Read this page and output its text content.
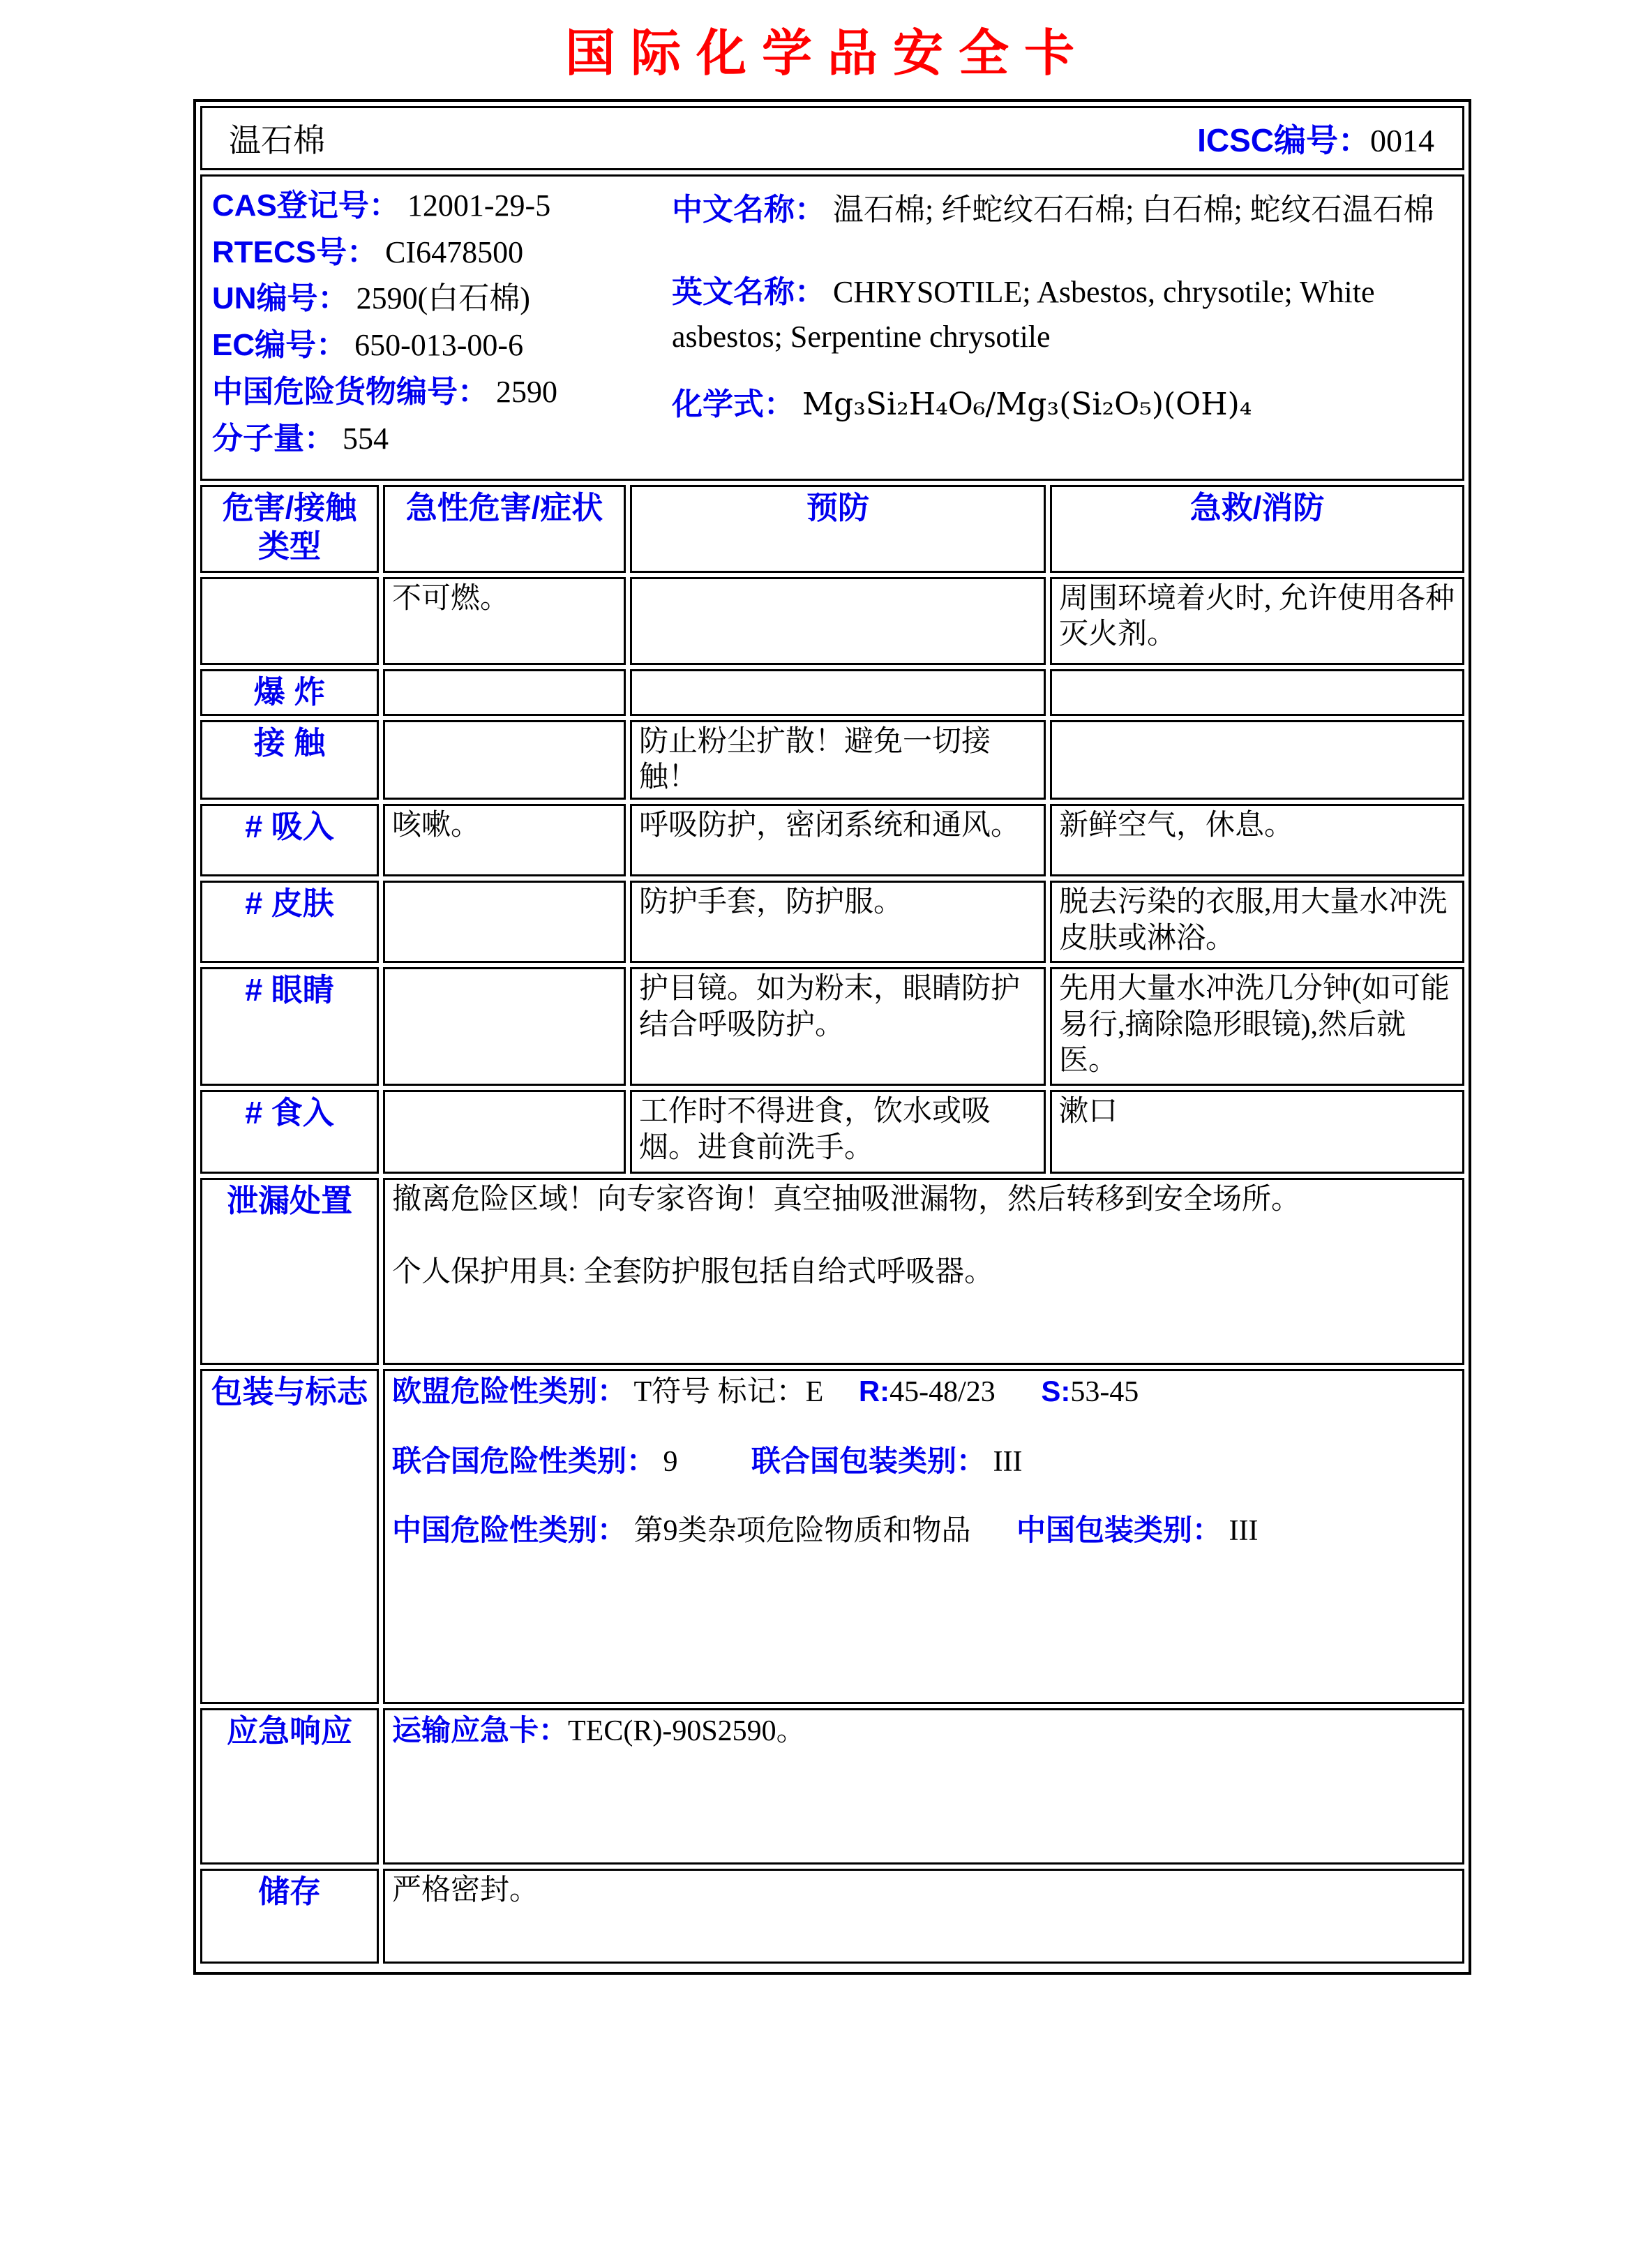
国际化学品安全卡
温石棉	ICSC编号：0014
CAS登记号： 12001-29-5
RTECS号： CI6478500
UN编号： 2590(白石棉)
EC编号： 650-013-00-6
中国危险货物编号： 2590
分子量： 554

中文名称： 温石棉; 纤蛇纹石石棉; 白石棉; 蛇纹石温石棉

英文名称： CHRYSOTILE; Asbestos, chrysotile; White asbestos; Serpentine chrysotile

化学式： Mg₃Si₂H₄O₆/Mg₃(Si₂O₅)(OH)₄

危害/接触类型	急性危害/症状	预防	急救/消防
	不可燃。		周围环境着火时, 允许使用各种灭火剂。
爆 炸			
接 触		防止粉尘扩散！避免一切接触！	
# 吸入	咳嗽。	呼吸防护，密闭系统和通风。	新鲜空气，休息。
# 皮肤		防护手套，防护服。	脱去污染的衣服,用大量水冲洗皮肤或淋浴。
# 眼睛		护目镜。如为粉末，眼睛防护结合呼吸防护。	先用大量水冲洗几分钟(如可能易行,摘除隐形眼镜),然后就医。
# 食入		工作时不得进食，饮水或吸烟。进食前洗手。	漱口
泄漏处置	撤离危险区域！向专家咨询！真空抽吸泄漏物，然后转移到安全场所。
个人保护用具: 全套防护服包括自给式呼吸器。		

包装与标志	欧盟危险性类别： T符号 标记：E R:45-48/23 S:53-45
联合国危险性类别： 9 联合国包装类别： III
中国危险性类别： 第9类杂项危险物质和物品 中国包装类别： III		

应急响应	运输应急卡：TEC(R)-90S2590。		
储存	严格密封。		
